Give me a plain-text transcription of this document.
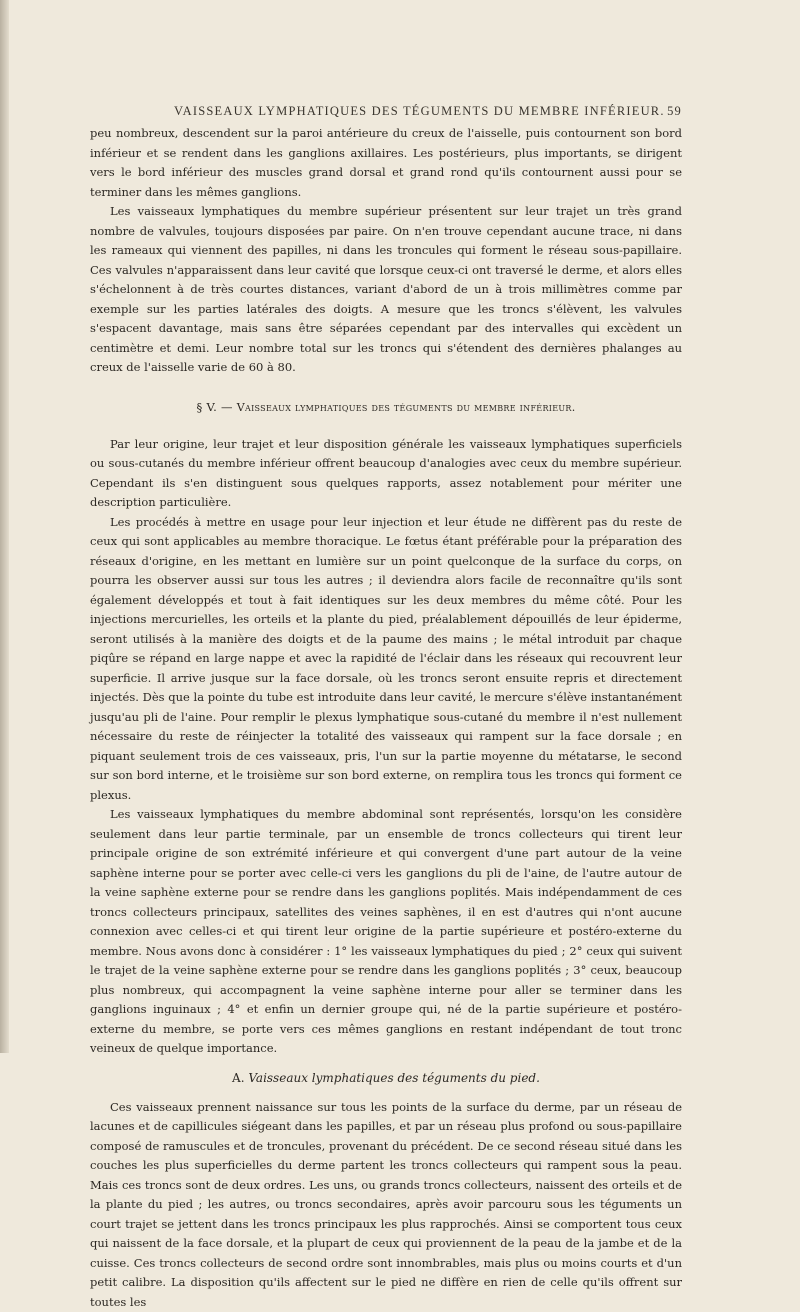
VAISSEAUX LYMPHATIQUES DES TÉGUMENTS DU MEMBRE INFÉRIEUR. 59

peu nombreux, descendent sur la paroi antérieure du creux de l'aisselle, puis contournent son bord inférieur et se rendent dans les ganglions axillaires. Les postérieurs, plus importants, se dirigent vers le bord inférieur des muscles grand dorsal et grand rond qu'ils contournent aussi pour se terminer dans les mêmes ganglions.

Les vaisseaux lymphatiques du membre supérieur présentent sur leur trajet un très grand nombre de valvules, toujours disposées par paire. On n'en trouve cependant aucune trace, ni dans les rameaux qui viennent des papilles, ni dans les troncules qui forment le réseau sous-papillaire. Ces valvules n'apparaissent dans leur cavité que lorsque ceux-ci ont traversé le derme, et alors elles s'échelonnent à de très courtes distances, variant d'abord de un à trois millimètres comme par exemple sur les parties latérales des doigts. A mesure que les troncs s'élèvent, les valvules s'espacent davantage, mais sans être séparées cependant par des intervalles qui excèdent un centimètre et demi. Leur nombre total sur les troncs qui s'étendent des dernières phalanges au creux de l'aisselle varie de 60 à 80.

§ V. — Vaisseaux lymphatiques des téguments du membre inférieur.

Par leur origine, leur trajet et leur disposition générale les vaisseaux lymphatiques superficiels ou sous-cutanés du membre inférieur offrent beaucoup d'analogies avec ceux du membre supérieur. Cependant ils s'en distinguent sous quelques rapports, assez notablement pour mériter une description particulière.

Les procédés à mettre en usage pour leur injection et leur étude ne diffèrent pas du reste de ceux qui sont applicables au membre thoracique. Le fœtus étant préférable pour la préparation des réseaux d'origine, en les mettant en lumière sur un point quelconque de la surface du corps, on pourra les observer aussi sur tous les autres ; il deviendra alors facile de reconnaître qu'ils sont également développés et tout à fait identiques sur les deux membres du même côté. Pour les injections mercurielles, les orteils et la plante du pied, préalablement dépouillés de leur épiderme, seront utilisés à la manière des doigts et de la paume des mains ; le métal introduit par chaque piqûre se répand en large nappe et avec la rapidité de l'éclair dans les réseaux qui recouvrent leur superficie. Il arrive jusque sur la face dorsale, où les troncs seront ensuite repris et directement injectés. Dès que la pointe du tube est introduite dans leur cavité, le mercure s'élève instantanément jusqu'au pli de l'aine. Pour remplir le plexus lymphatique sous-cutané du membre il n'est nullement nécessaire du reste de réinjecter la totalité des vaisseaux qui rampent sur la face dorsale ; en piquant seulement trois de ces vaisseaux, pris, l'un sur la partie moyenne du métatarse, le second sur son bord interne, et le troisième sur son bord externe, on remplira tous les troncs qui forment ce plexus.

Les vaisseaux lymphatiques du membre abdominal sont représentés, lorsqu'on les considère seulement dans leur partie terminale, par un ensemble de troncs collecteurs qui tirent leur principale origine de son extrémité inférieure et qui convergent d'une part autour de la veine saphène interne pour se porter avec celle-ci vers les ganglions du pli de l'aine, de l'autre autour de la veine saphène externe pour se rendre dans les ganglions poplités. Mais indépendamment de ces troncs collecteurs principaux, satellites des veines saphènes, il en est d'autres qui n'ont aucune connexion avec celles-ci et qui tirent leur origine de la partie supérieure et postéro-externe du membre. Nous avons donc à considérer : 1° les vaisseaux lymphatiques du pied ; 2° ceux qui suivent le trajet de la veine saphène externe pour se rendre dans les ganglions poplités ; 3° ceux, beaucoup plus nombreux, qui accompagnent la veine saphène interne pour aller se terminer dans les ganglions inguinaux ; 4° et enfin un dernier groupe qui, né de la partie supérieure et postéro-externe du membre, se porte vers ces mêmes ganglions en restant indépendant de tout tronc veineux de quelque importance.

A. Vaisseaux lymphatiques des téguments du pied.

Ces vaisseaux prennent naissance sur tous les points de la surface du derme, par un réseau de lacunes et de capillicules siégeant dans les papilles, et par un réseau plus profond ou sous-papillaire composé de ramuscules et de troncules, provenant du précédent. De ce second réseau situé dans les couches les plus superficielles du derme partent les troncs collecteurs qui rampent sous la peau. Mais ces troncs sont de deux ordres. Les uns, ou grands troncs collecteurs, naissent des orteils et de la plante du pied ; les autres, ou troncs secondaires, après avoir parcouru sous les téguments un court trajet se jettent dans les troncs principaux les plus rapprochés. Ainsi se comportent tous ceux qui naissent de la face dorsale, et la plupart de ceux qui proviennent de la peau de la jambe et de la cuisse. Ces troncs collecteurs de second ordre sont innombrables, mais plus ou moins courts et d'un petit calibre. La disposition qu'ils affectent sur le pied ne diffère en rien de celle qu'ils offrent sur toutes les
